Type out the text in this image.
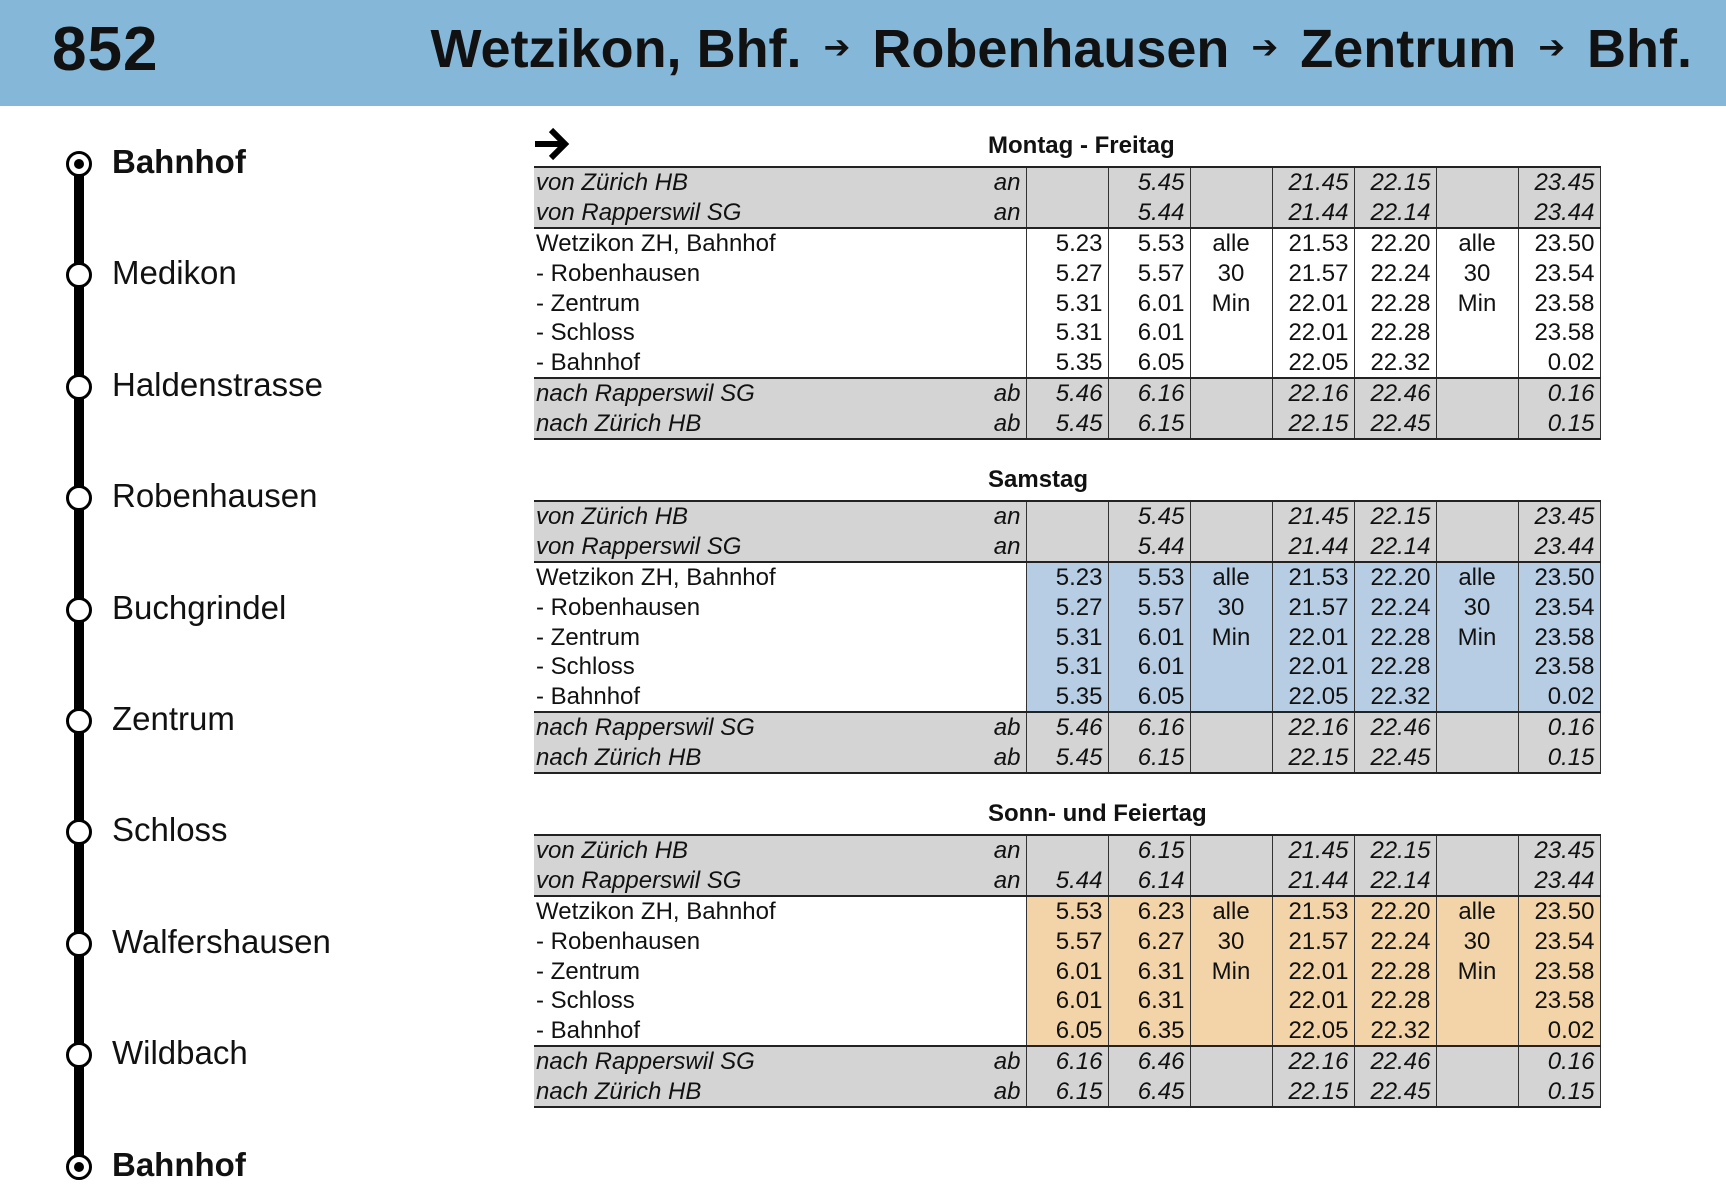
852	Wetzikon, Bhf. ➔ Robenhausen ➔ Zentrum ➔ Bhf.
Bahnhof
Medikon
Haldenstrasse
Robenhausen
Buchgrindel
Zentrum
Schloss
Walfershausen
Wildbach
Bahnhof
Montag - Freitag
von Zürich HB	an		5.45		21.45	22.15		23.45
von Rapperswil SG	an		5.44		21.44	22.14		23.44
Wetzikon ZH, Bahnhof		5.23	5.53	alle	21.53	22.20	alle	23.50
- Robenhausen		5.27	5.57	30	21.57	22.24	30	23.54
- Zentrum		5.31	6.01	Min	22.01	22.28	Min	23.58
- Schloss		5.31	6.01		22.01	22.28		23.58
- Bahnhof		5.35	6.05		22.05	22.32		0.02
nach Rapperswil SG	ab	5.46	6.16		22.16	22.46		0.16
nach Zürich HB	ab	5.45	6.15		22.15	22.45		0.15
Samstag
von Zürich HB	an		5.45		21.45	22.15		23.45
von Rapperswil SG	an		5.44		21.44	22.14		23.44
Wetzikon ZH, Bahnhof		5.23	5.53	alle	21.53	22.20	alle	23.50
- Robenhausen		5.27	5.57	30	21.57	22.24	30	23.54
- Zentrum		5.31	6.01	Min	22.01	22.28	Min	23.58
- Schloss		5.31	6.01		22.01	22.28		23.58
- Bahnhof		5.35	6.05		22.05	22.32		0.02
nach Rapperswil SG	ab	5.46	6.16		22.16	22.46		0.16
nach Zürich HB	ab	5.45	6.15		22.15	22.45		0.15
Sonn- und Feiertag
von Zürich HB	an		6.15		21.45	22.15		23.45
von Rapperswil SG	an	5.44	6.14		21.44	22.14		23.44
Wetzikon ZH, Bahnhof		5.53	6.23	alle	21.53	22.20	alle	23.50
- Robenhausen		5.57	6.27	30	21.57	22.24	30	23.54
- Zentrum		6.01	6.31	Min	22.01	22.28	Min	23.58
- Schloss		6.01	6.31		22.01	22.28		23.58
- Bahnhof		6.05	6.35		22.05	22.32		0.02
nach Rapperswil SG	ab	6.16	6.46		22.16	22.46		0.16
nach Zürich HB	ab	6.15	6.45		22.15	22.45		0.15
